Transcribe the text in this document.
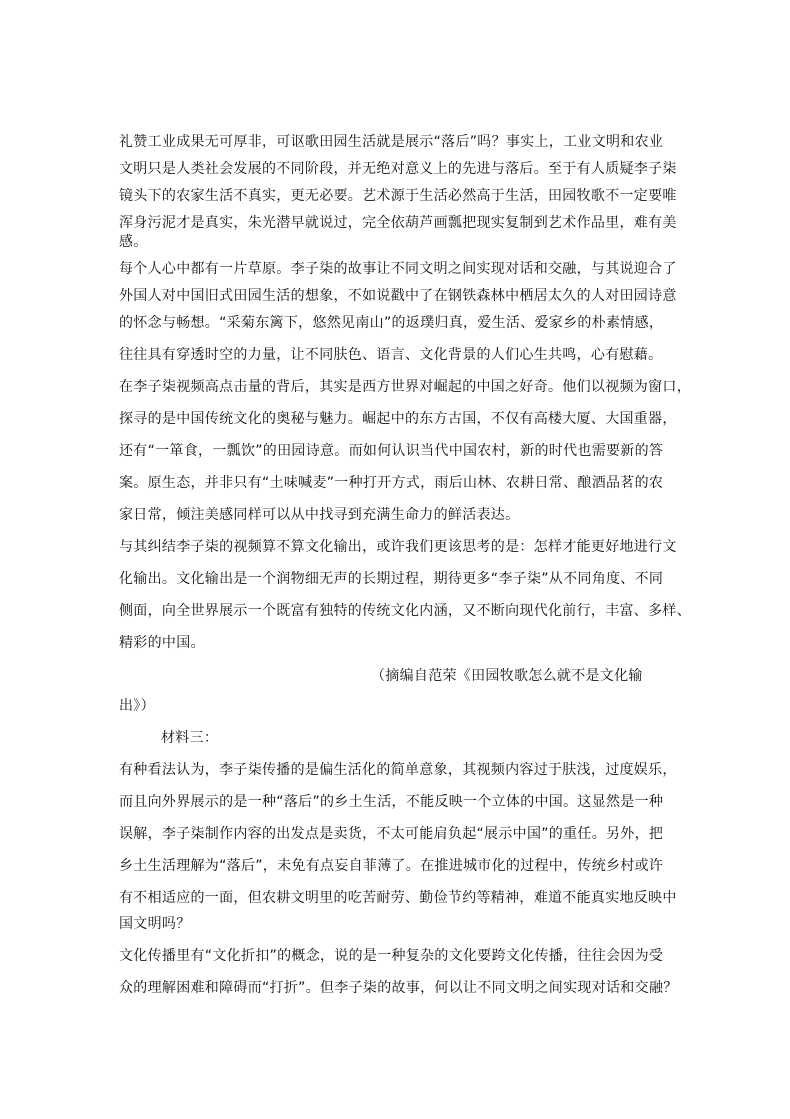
礼赞工业成果无可厚非，可讴歌田园生活就是展示“落后”吗？事实上，工业文明和农业
文明只是人类社会发展的不同阶段，并无绝对意义上的先进与落后。至于有人质疑李子柒
镜头下的农家生活不真实，更无必要。艺术源于生活必然高于生活，田园牧歌不一定要唯
浑身污泥才是真实，朱光潜早就说过，完全依葫芦画瓢把现实复制到艺术作品里，难有美
感。
每个人心中都有一片草原。李子柒的故事让不同文明之间实现对话和交融，与其说迎合了
外国人对中国旧式田园生活的想象，不如说戳中了在钢铁森林中栖居太久的人对田园诗意
的怀念与畅想。“采菊东篱下，悠然见南山”的返璞归真，爱生活、爱家乡的朴素情感，
往往具有穿透时空的力量，让不同肤色、语言、文化背景的人们心生共鸣，心有慰藉。
在李子柒视频高点击量的背后，其实是西方世界对崛起的中国之好奇。他们以视频为窗口，
探寻的是中国传统文化的奥秘与魅力。崛起中的东方古国，不仅有高楼大厦、大国重器，
还有“一箪食，一瓢饮”的田园诗意。而如何认识当代中国农村，新的时代也需要新的答
案。原生态，并非只有“土味喊麦”一种打开方式，雨后山林、农耕日常、酿酒品茗的农
家日常，倾注美感同样可以从中找寻到充满生命力的鲜活表达。
与其纠结李子柒的视频算不算文化输出，或许我们更该思考的是：怎样才能更好地进行文
化输出。文化输出是一个润物细无声的长期过程，期待更多“李子柒”从不同角度、不同
侧面，向全世界展示一个既富有独特的传统文化内涵，又不断向现代化前行，丰富、多样、
精彩的中国。
（摘编自范荣《田园牧歌怎么就不是文化输
出》）
材料三：
有种看法认为，李子柒传播的是偏生活化的简单意象，其视频内容过于肤浅，过度娱乐，
而且向外界展示的是一种“落后”的乡土生活，不能反映一个立体的中国。这显然是一种
误解，李子柒制作内容的出发点是卖货，不太可能肩负起“展示中国”的重任。另外，把
乡土生活理解为“落后”，未免有点妄自菲薄了。在推进城市化的过程中，传统乡村或许
有不相适应的一面，但农耕文明里的吃苦耐劳、勤俭节约等精神，难道不能真实地反映中
国文明吗？
文化传播里有“文化折扣”的概念，说的是一种复杂的文化要跨文化传播，往往会因为受
众的理解困难和障碍而“打折”。但李子柒的故事，何以让不同文明之间实现对话和交融？
